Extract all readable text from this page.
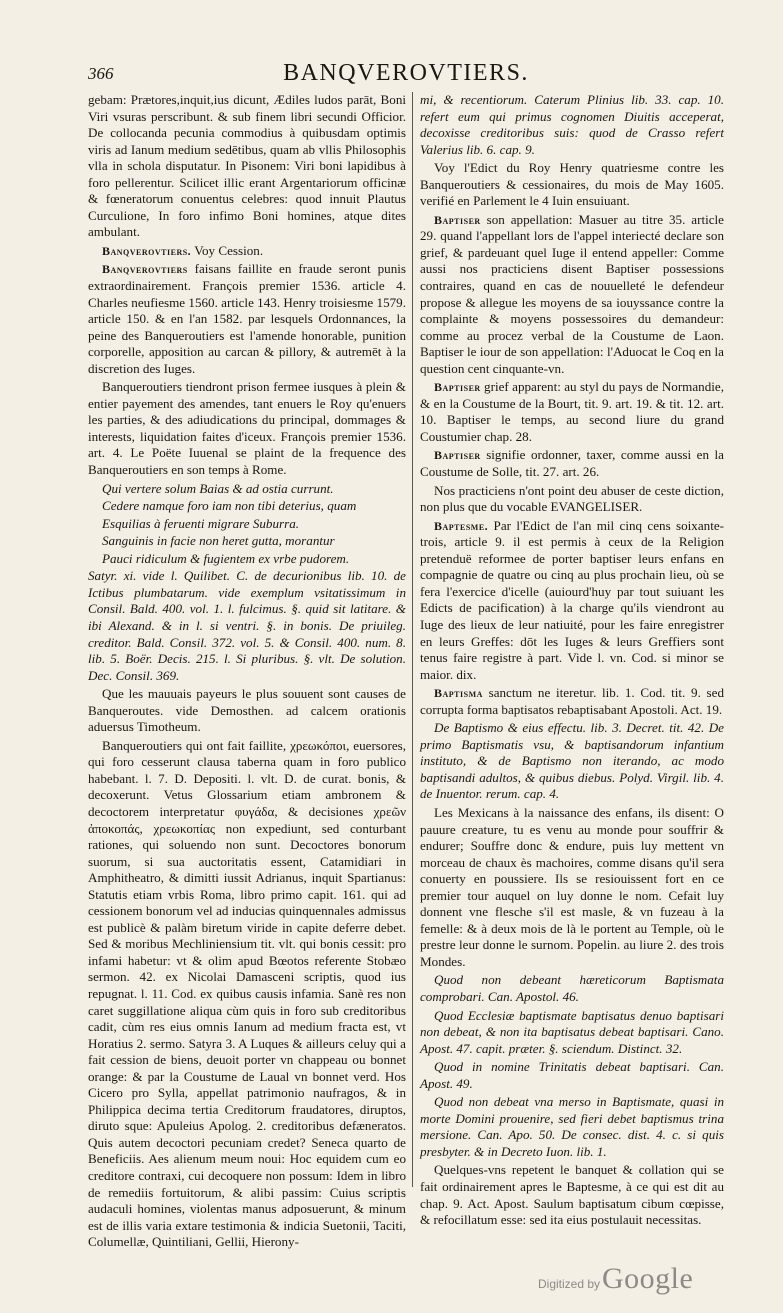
366	BANQVEROVTIERS.
gebam: Prætores,inquit,ius dicunt, Ædiles ludos parāt, Boni Viri vsuras perscribunt. & sub finem libri secundi Officior. De collocanda pecunia commodius à quibusdam optimis viris ad Ianum medium sedētibus, quam ab vllis Philosophis vlla in schola disputatur. In Pisonem: Viri boni lapidibus à foro pellerentur. Scilicet illic erant Argentariorum officinæ & fœneratorum conuentus celebres: quod innuit Plautus Curculione, In foro infimo Boni homines, atque dites ambulant.
Banqverovtiers. Voy Cession.
Banqverovtiers faisans faillite en fraude seront punis extraordinairement. François premier 1536. article 4. Charles neufiesme 1560. article 143. Henry troisiesme 1579. article 150. & en l'an 1582. par lesquels Ordonnances, la peine des Banqueroutiers est l'amende honorable, punition corporelle, apposition au carcan & pillory, & autremēt à la discretion des Iuges.
Banqueroutiers tiendront prison fermee iusques à plein & entier payement des amendes, tant enuers le Roy qu'enuers les parties, & des adiudications du principal, dommages & interests, liquidation faites d'iceux. François premier 1536. art. 4. Le Poëte Iuuenal se plaint de la frequence des Banqueroutiers en son temps à Rome.
Qui vertere solum Baias & ad ostia currunt.
Cedere namque foro iam non tibi deterius, quam
Esquilias à feruenti migrare Suburra.
Sanguinis in facie non heret gutta, morantur
Pauci ridiculum & fugientem ex vrbe pudorem.
Satyr. xi. vide l. Quilibet. C. de decurionibus lib. 10. de Ictibus plumbatarum. vide exemplum vsitatissimum in Consil. Bald. 400. vol. 1. l. fulcimus. §. quid sit latitare. & ibi Alexand. & in l. si ventri. §. in bonis. De priuileg. creditor. Bald. Consil. 372. vol. 5. & Consil. 400. num. 8. lib. 5. Boër. Decis. 215. l. Si pluribus. §. vlt. De solution. Dec. Consil. 369.
Que les mauuais payeurs le plus souuent sont causes de Banqueroutes. vide Demosthen. ad calcem orationis aduersus Timotheum.
Banqueroutiers qui ont fait faillite, χρεωκόποι, euersores, qui foro cesserunt clausa taberna quam in foro publico habebant. l. 7. D. Depositi. l. vlt. D. de curat. bonis, & decoxerunt. Vetus Glossarium etiam ambronem & decoctorem interpretatur φυγάδα, & decisiones χρεῶν ἀποκοπάς, χρεωκοπίας non expediunt, sed conturbant rationes, qui soluendo non sunt. Decoctores bonorum suorum, si sua auctoritatis essent, Catamidiari in Amphitheatro, & dimitti iussit Adrianus, inquit Spartianus: Statutis etiam vrbis Roma, libro primo capit. 161. qui ad cessionem bonorum vel ad inducias quinquennales admissus est publicè & palàm biretum viride in capite deferre debet. Sed & moribus Mechliniensium tit. vlt. qui bonis cessit: pro infami habetur: vt & olim apud Bœotos referente Stobæo sermon. 42. ex Nicolai Damasceni scriptis, quod ius repugnat. l. 11. Cod. ex quibus causis infamia. Sanè res non caret suggillatione aliqua cùm quis in foro sub creditoribus cadit, cùm res eius omnis Ianum ad medium fracta est, vt Horatius 2. sermo. Satyra 3. A Luques & ailleurs celuy qui a fait cession de biens, deuoit porter vn chappeau ou bonnet orange: & par la Coustume de Laual vn bonnet verd. Hos Cicero pro Sylla, appellat patrimonio naufragos, & in Philippica decima tertia Creditorum fraudatores, diruptos, diruto sque: Apuleius Apolog. 2. creditoribus defæneratos. Quis autem decoctori pecuniam credet? Seneca quarto de Beneficiis. Aes alienum meum noui: Hoc equidem cum eo creditore contraxi, cui decoquere non possum: Idem in libro de remediis fortuitorum, & alibi passim: Cuius scriptis audaculi homines, violentas manus adposuerunt, & minum est de illis varia extare testimonia & indicia Suetonii, Taciti, Columellæ, Quintiliani, Gellii, Hierony-
mi, & recentiorum. Caterum Plinius lib. 33. cap. 10. refert eum qui primus cognomen Diuitis acceperat, decoxisse creditoribus suis: quod de Crasso refert Valerius lib. 6. cap. 9.
Voy l'Edict du Roy Henry quatriesme contre les Banqueroutiers & cessionaires, du mois de May 1605. verifié en Parlement le 4 Iuin ensuiuant.
Baptiser son appellation: Masuer au titre 35. article 29. quand l'appellant lors de l'appel interiecté declare son grief, & pardeuant quel Iuge il entend appeller: Comme aussi nos practiciens disent Baptiser possessions contraires, quand en cas de nouuelleté le defendeur propose & allegue les moyens de sa iouyssance contre la complainte & moyens possessoires du demandeur: comme au procez verbal de la Coustume de Laon. Baptiser le iour de son appellation: l'Aduocat le Coq en la question cent cinquante-vn.
Baptiser grief apparent: au styl du pays de Normandie, & en la Coustume de la Bourt, tit. 9. art. 19. & tit. 12. art. 10. Baptiser le temps, au second liure du grand Coustumier chap. 28.
Baptiser signifie ordonner, taxer, comme aussi en la Coustume de Solle, tit. 27. art. 26.
Nos practiciens n'ont point deu abuser de ceste diction, non plus que du vocable EVANGELISER.
Baptesme. Par l'Edict de l'an mil cinq cens soixante-trois, article 9. il est permis à ceux de la Religion pretenduë reformee de porter baptiser leurs enfans en compagnie de quatre ou cinq au plus prochain lieu, où se fera l'exercice d'icelle (auiourd'huy par tout suiuant les Edicts de pacification) à la charge qu'ils viendront au Iuge des lieux de leur natiuité, pour les faire enregistrer en leurs Greffes: dōt les Iuges & leurs Greffiers sont tenus faire registre à part. Vide l. vn. Cod. si minor se maior. dix.
Baptisma sanctum ne iteretur. lib. 1. Cod. tit. 9. sed corrupta forma baptisatos rebaptisabant Apostoli. Act. 19.
De Baptismo & eius effectu. lib. 3. Decret. tit. 42. De primo Baptismatis vsu, & baptisandorum infantium instituto, & de Baptismo non iterando, ac modo baptisandi adultos, & quibus diebus. Polyd. Virgil. lib. 4. de Inuentor. rerum. cap. 4.
Les Mexicans à la naissance des enfans, ils disent: O pauure creature, tu es venu au monde pour souffrir & endurer; Souffre donc & endure, puis luy mettent vn morceau de chaux ès machoires, comme disans qu'il sera conuerty en poussiere. Ils se resiouissent fort en ce premier tour auquel on luy donne le nom. Cefait luy donnent vne flesche s'il est masle, & vn fuzeau à la femelle: & à deux mois de là le portent au Temple, où le prestre leur donne le surnom. Popelin. au liure 2. des trois Mondes.
Quod non debeant hæreticorum Baptismata comprobari. Can. Apostol. 46.
Quod Ecclesiæ baptismate baptisatus denuo baptisari non debeat, & non ita baptisatus debeat baptisari. Cano. Apost. 47. capit. præter. §. sciendum. Distinct. 32.
Quod in nomine Trinitatis debeat baptisari. Can. Apost. 49.
Quod non debeat vna merso in Baptismate, quasi in morte Domini prouenire, sed fieri debet baptismus trina mersione. Can. Apo. 50. De consec. dist. 4. c. si quis presbyter. & in Decreto Iuon. lib. 1.
Quelques-vns repetent le banquet & collation qui se fait ordinairement apres le Baptesme, à ce qui est dit au chap. 9. Act. Apost. Saulum baptisatum cibum cœpisse, & refocillatum esse: sed ita eius postulauit necessitas.
Digitized by Google
